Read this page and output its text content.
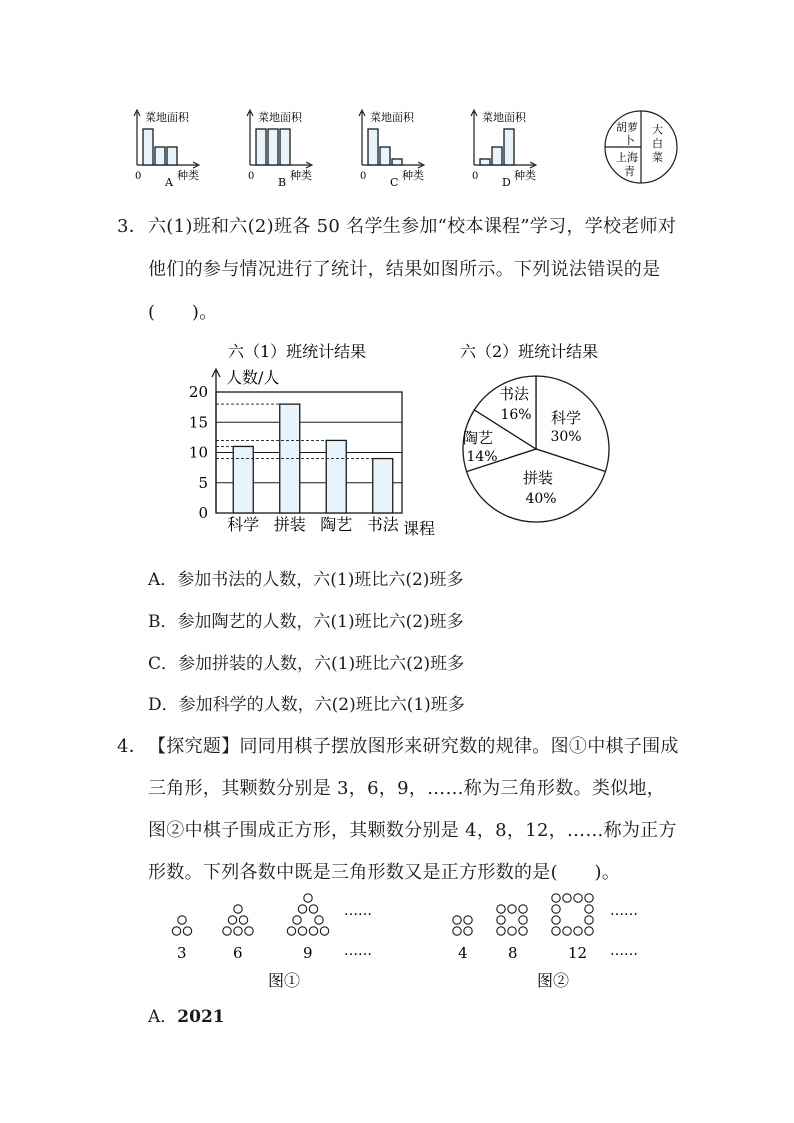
菜地面积
种类
0 A
菜地面积
种类
0 B
菜地面积
种类
0 C
菜地面积
种类
0 D
胡萝卜
上海青
大白菜
3． 六(1)班和六(2)班各 50 名学生参加“校本课程”学习，学校老师对
他们的参与情况进行了统计，结果如图所示。下列说法错误的是
(　　)。
六（1）班统计结果
人数/人
课程
0
5
10
15
20
科学 拼装 陶艺 书法
六（2）班统计结果
科学
30%
拼装
40%
陶艺
14%
书法
16%
A．参加书法的人数，六(1)班比六(2)班多
B．参加陶艺的人数，六(1)班比六(2)班多
C．参加拼装的人数，六(1)班比六(2)班多
D．参加科学的人数，六(2)班比六(1)班多
4． 【探究题】同同用棋子摆放图形来研究数的规律。图①中棋子围成
三角形，其颗数分别是 3，6，9，……称为三角形数。类似地，
图②中棋子围成正方形，其颗数分别是 4，8，12，……称为正方
形数。下列各数中既是三角形数又是正方形数的是(　　)。
3	6	9
……
……
图①
4	8	12
……
……
图②
A．2021
